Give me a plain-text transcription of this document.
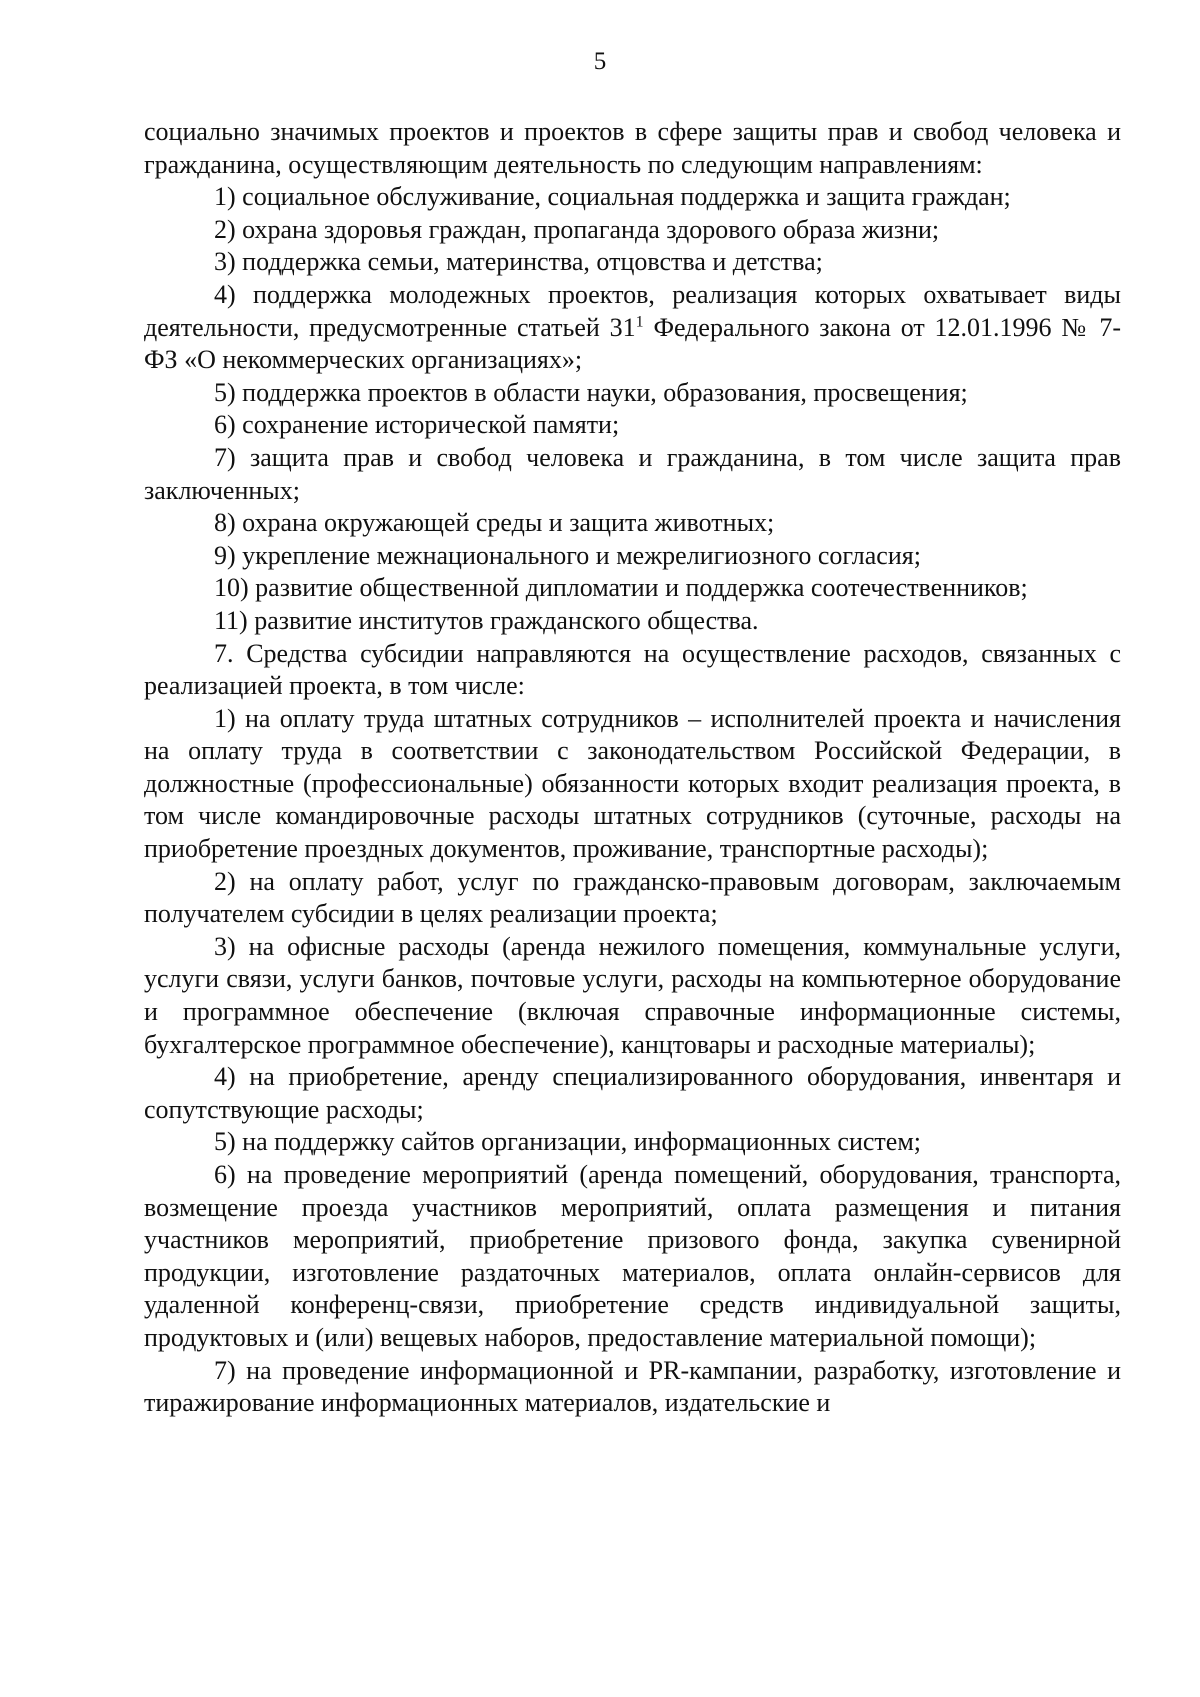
5

социально значимых проектов и проектов в сфере защиты прав и свобод человека и гражданина, осуществляющим деятельность по следующим направлениям:

1) социальное обслуживание, социальная поддержка и защита граждан;

2) охрана здоровья граждан, пропаганда здорового образа жизни;

3) поддержка семьи, материнства, отцовства и детства;

4) поддержка молодежных проектов, реализация которых охватывает виды деятельности, предусмотренные статьей $31^1$ Федерального закона от 12.01.1996 № 7-ФЗ «О некоммерческих организациях»;

5) поддержка проектов в области науки, образования, просвещения;

6) сохранение исторической памяти;

7) защита прав и свобод человека и гражданина, в том числе защита прав заключенных;

8) охрана окружающей среды и защита животных;

9) укрепление межнационального и межрелигиозного согласия;

10) развитие общественной дипломатии и поддержка соотечественников;

11) развитие институтов гражданского общества.

7. Средства субсидии направляются на осуществление расходов, связанных с реализацией проекта, в том числе:

1) на оплату труда штатных сотрудников – исполнителей проекта и начисления на оплату труда в соответствии с законодательством Российской Федерации, в должностные (профессиональные) обязанности которых входит реализация проекта, в том числе командировочные расходы штатных сотрудников (суточные, расходы на приобретение проездных документов, проживание, транспортные расходы);

2) на оплату работ, услуг по гражданско-правовым договорам, заключаемым получателем субсидии в целях реализации проекта;

3) на офисные расходы (аренда нежилого помещения, коммунальные услуги, услуги связи, услуги банков, почтовые услуги, расходы на компьютерное оборудование и программное обеспечение (включая справочные информационные системы, бухгалтерское программное обеспечение), канцтовары и расходные материалы);

4) на приобретение, аренду специализированного оборудования, инвентаря и сопутствующие расходы;

5) на поддержку сайтов организации, информационных систем;

6) на проведение мероприятий (аренда помещений, оборудования, транспорта, возмещение проезда участников мероприятий, оплата размещения и питания участников мероприятий, приобретение призового фонда, закупка сувенирной продукции, изготовление раздаточных материалов, оплата онлайн-сервисов для удаленной конференц-связи, приобретение средств индивидуальной защиты, продуктовых и (или) вещевых наборов, предоставление материальной помощи);

7) на проведение информационной и PR-кампании, разработку, изготовление и тиражирование информационных материалов, издательские и
